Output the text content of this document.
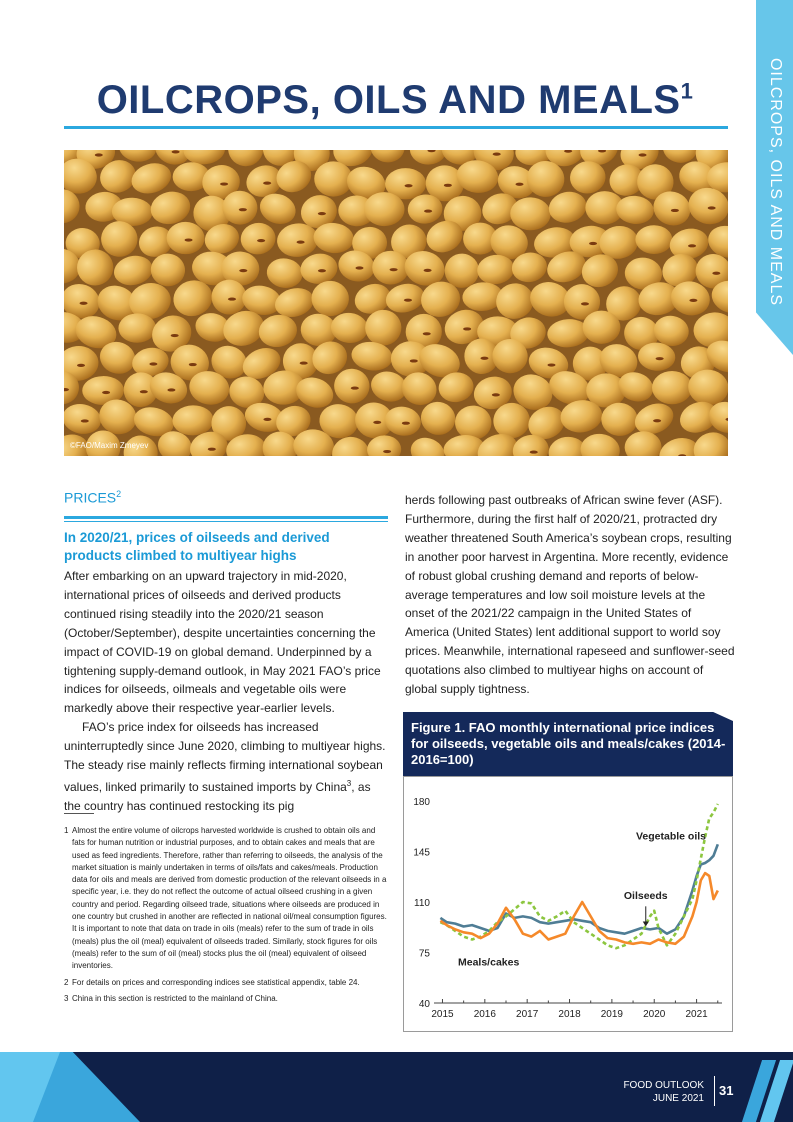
OILCROPS, OILS AND MEALS
OILCROPS, OILS AND MEALS$^1$
©FAO/Maxim Zmeyev
PRICES$^2$
In 2020/21, prices of oilseeds and derived products climbed to multiyear highs

After embarking on an upward trajectory in mid-2020, international prices of oilseeds and derived products continued rising steadily into the 2020/21 season (October/September), despite uncertainties concerning the impact of COVID-19 on global demand. Underpinned by a tightening supply-demand outlook, in May 2021 FAO’s price indices for oilseeds, oilmeals and vegetable oils were markedly above their respective year-earlier levels.

FAO’s price index for oilseeds has increased uninterruptedly since June 2020, climbing to multiyear highs. The steady rise mainly reflects firming international soybean values, linked primarily to sustained imports by China$^3$, as the country has continued restocking its pig

1 Almost the entire volume of oilcrops harvested worldwide is crushed to obtain oils and fats for human nutrition or industrial purposes, and to obtain cakes and meals that are used as feed ingredients. Therefore, rather than referring to oilseeds, the analysis of the market situation is mainly undertaken in terms of oils/fats and cakes/meals. Production data for oils and meals are derived from domestic production of the relevant oilseeds in a specific year, i.e. they do not reflect the outcome of actual oilseed crushing in a given country and period. Regarding oilseed trade, situations where oilseeds are produced in one country but crushed in another are reflected in national oil/meal consumption figures. It is important to note that data on trade in oils (meals) refer to the sum of trade in oils (meals) plus the oil (meal) equivalent of oilseeds traded. Similarly, stock figures for oils (meals) refer to the sum of oil (meal) stocks plus the oil (meal) equivalent of oilseed inventories.
2 For details on prices and corresponding indices see statistical appendix, table 24.
3 China in this section is restricted to the mainland of China.
herds following past outbreaks of African swine fever (ASF). Furthermore, during the first half of 2020/21, protracted dry weather threatened South America’s soybean crops, resulting in another poor harvest in Argentina. More recently, evidence of robust global crushing demand and reports of below-average temperatures and low soil moisture levels at the onset of the 2021/22 campaign in the United States of America (United States) lent additional support to world soy prices. Meanwhile, international rapeseed and sunflower-seed quotations also climbed to multiyear highs on account of global supply tightness.
Figure 1. FAO monthly international price indices for oilseeds, vegetable oils and meals/cakes (2014-2016=100)
180
145
110
75
40
2015 2016 2017 2018 2019 2020 2021
Vegetable oils
Oilseeds
Meals/cakes
FOOD OUTLOOK
JUNE 2021
31
